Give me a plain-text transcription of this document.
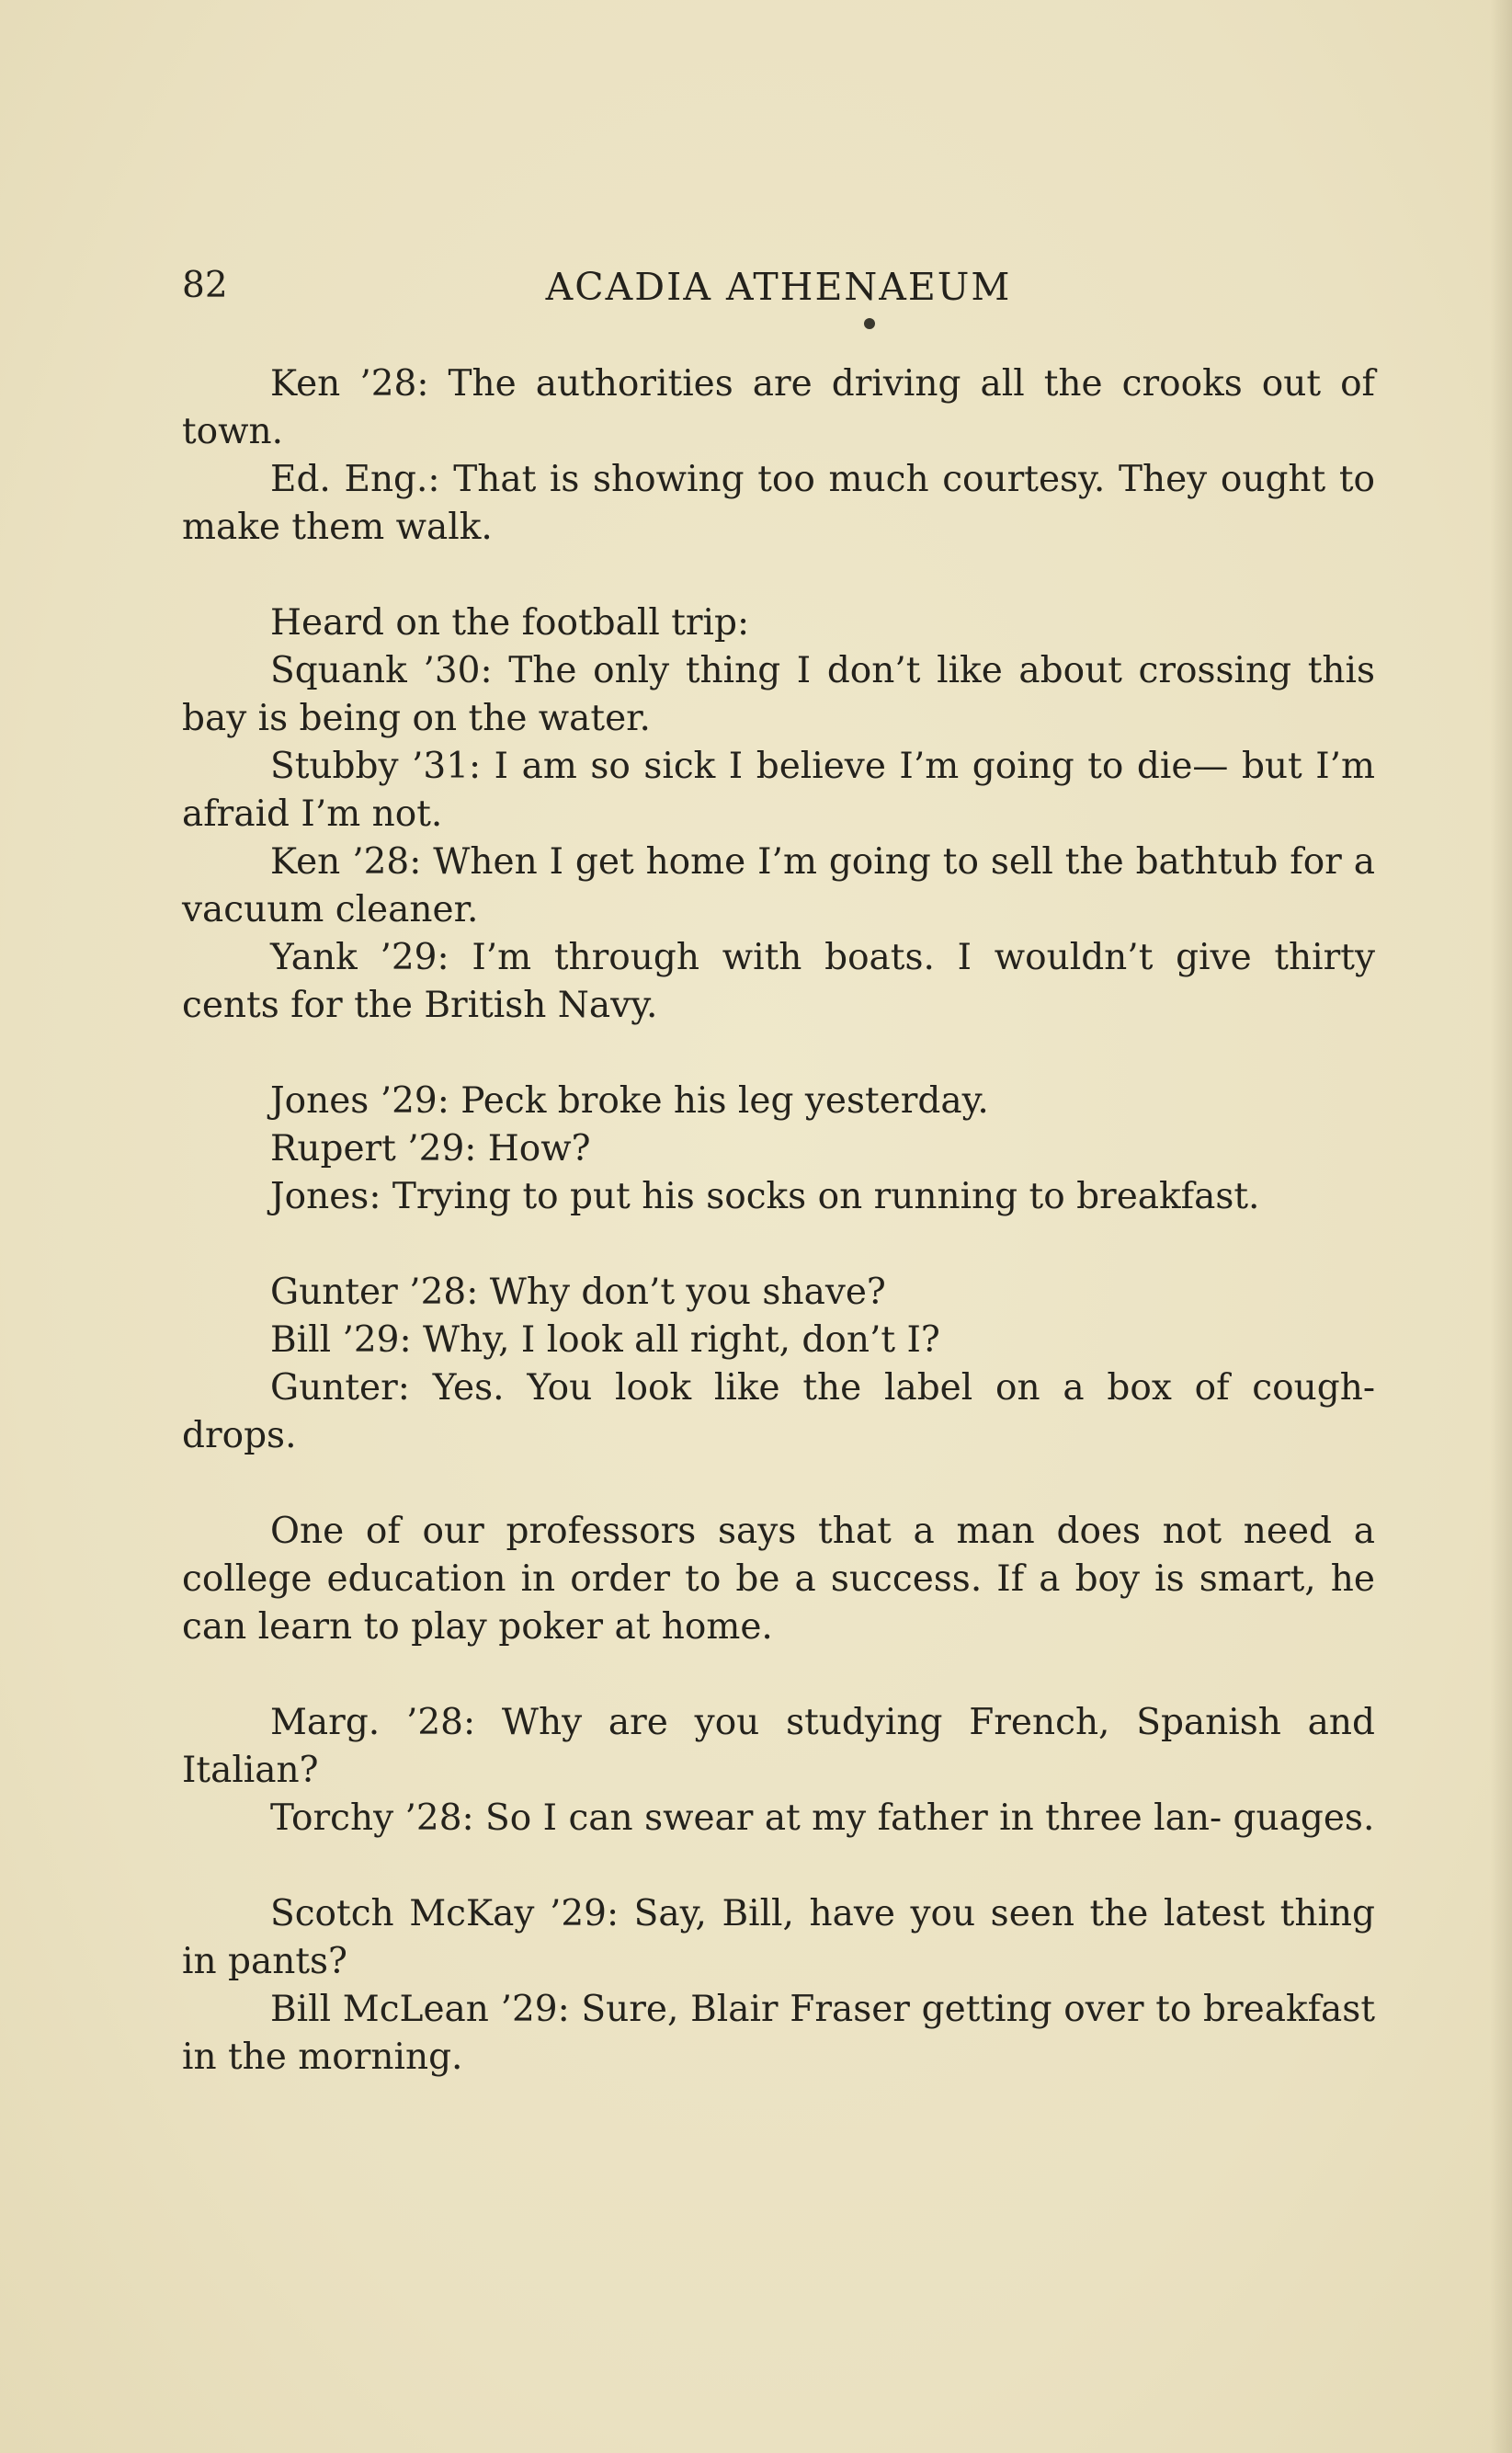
82	ACADIA ATHENAEUM

Ken ’28: The authorities are driving all the crooks out of town.

Ed. Eng.: That is showing too much courtesy. They ought to make them walk.

Heard on the football trip:

Squank ’30: The only thing I don’t like about crossing this bay is being on the water.

Stubby ’31: I am so sick I believe I’m going to die— but I’m afraid I’m not.

Ken ’28: When I get home I’m going to sell the bathtub for a vacuum cleaner.

Yank ’29: I’m through with boats. I wouldn’t give thirty cents for the British Navy.

Jones ’29: Peck broke his leg yesterday.

Rupert ’29: How?

Jones: Trying to put his socks on running to breakfast.

Gunter ’28: Why don’t you shave?

Bill ’29: Why, I look all right, don’t I?

Gunter: Yes. You look like the label on a box of cough- drops.

One of our professors says that a man does not need a college education in order to be a success. If a boy is smart, he can learn to play poker at home.

Marg. ’28: Why are you studying French, Spanish and Italian?

Torchy ’28: So I can swear at my father in three lan- guages.

Scotch McKay ’29: Say, Bill, have you seen the latest thing in pants?

Bill McLean ’29: Sure, Blair Fraser getting over to breakfast in the morning.
